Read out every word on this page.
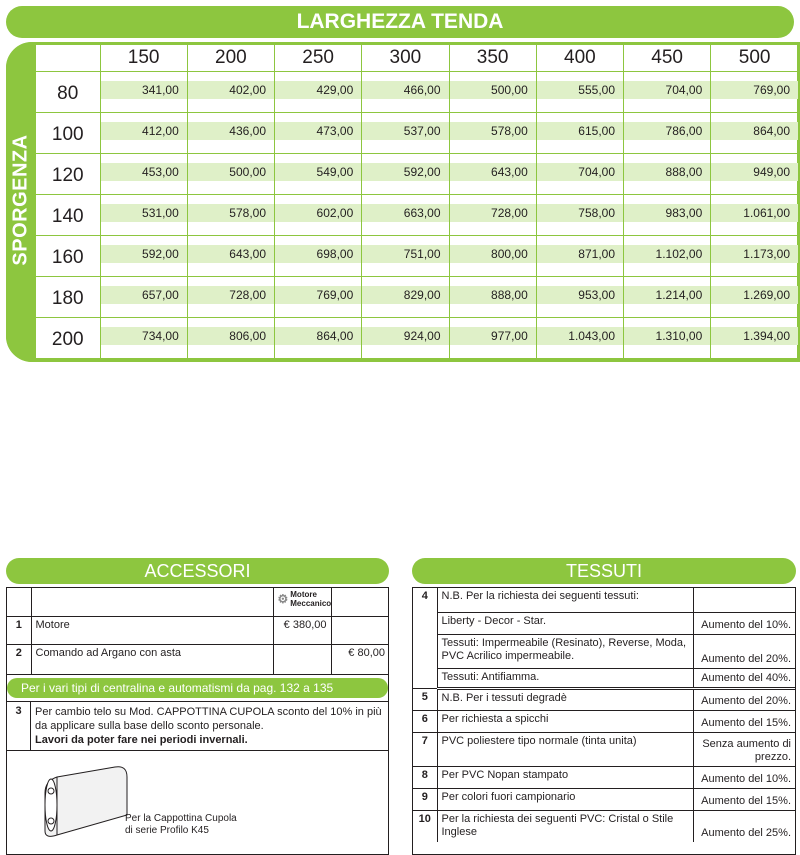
LARGHEZZA TENDA
SPORGENZA
	150	200	250	300	350	400	450	500
80	341,00	402,00	429,00	466,00	500,00	555,00	704,00	769,00

100	412,00	436,00	473,00	537,00	578,00	615,00	786,00	864,00

120	453,00	500,00	549,00	592,00	643,00	704,00	888,00	949,00

140	531,00	578,00	602,00	663,00	728,00	758,00	983,00	1.061,00

160	592,00	643,00	698,00	751,00	800,00	871,00	1.102,00	1.173,00

180	657,00	728,00	769,00	829,00	888,00	953,00	1.214,00	1.269,00

200	734,00	806,00	864,00	924,00	977,00	1.043,00	1.310,00	1.394,00
ACCESSORI

		⚙ Motore
Meccanico	

1	Motore	€ 380,00	
2	Comando ad Argano con asta		€ 80,00
Per i vari tipi di centralina e automatismi da pag. 132 a 135
3	Per cambio telo su Mod. CAPPOTTINA CUPOLA sconto del 10% in più da applicare sulla base dello sconto personale.
Lavori da poter fare nei periodi invernali.
Per la Cappottina Cupola
di serie Profilo K45
TESSUTI
4	N.B. Per la richiesta dei seguenti tessuti:	
	Liberty - Decor - Star.	Aumento del 10%.
	Tessuti: Impermeabile (Resinato), Reverse, Moda, PVC Acrilico impermeabile.	Aumento del 20%.
	Tessuti: Antifiamma.	Aumento del 40%.
5	N.B. Per i tessuti degradè	Aumento del 20%.
6	Per richiesta a spicchi	Aumento del 15%.
7	PVC poliestere tipo normale (tinta unita)	Senza aumento di prezzo.
8	Per PVC Nopan stampato	Aumento del 10%.
9	Per colori fuori campionario	Aumento del 15%.
10	Per la richiesta dei seguenti PVC: Cristal o Stile Inglese	Aumento del 25%.
